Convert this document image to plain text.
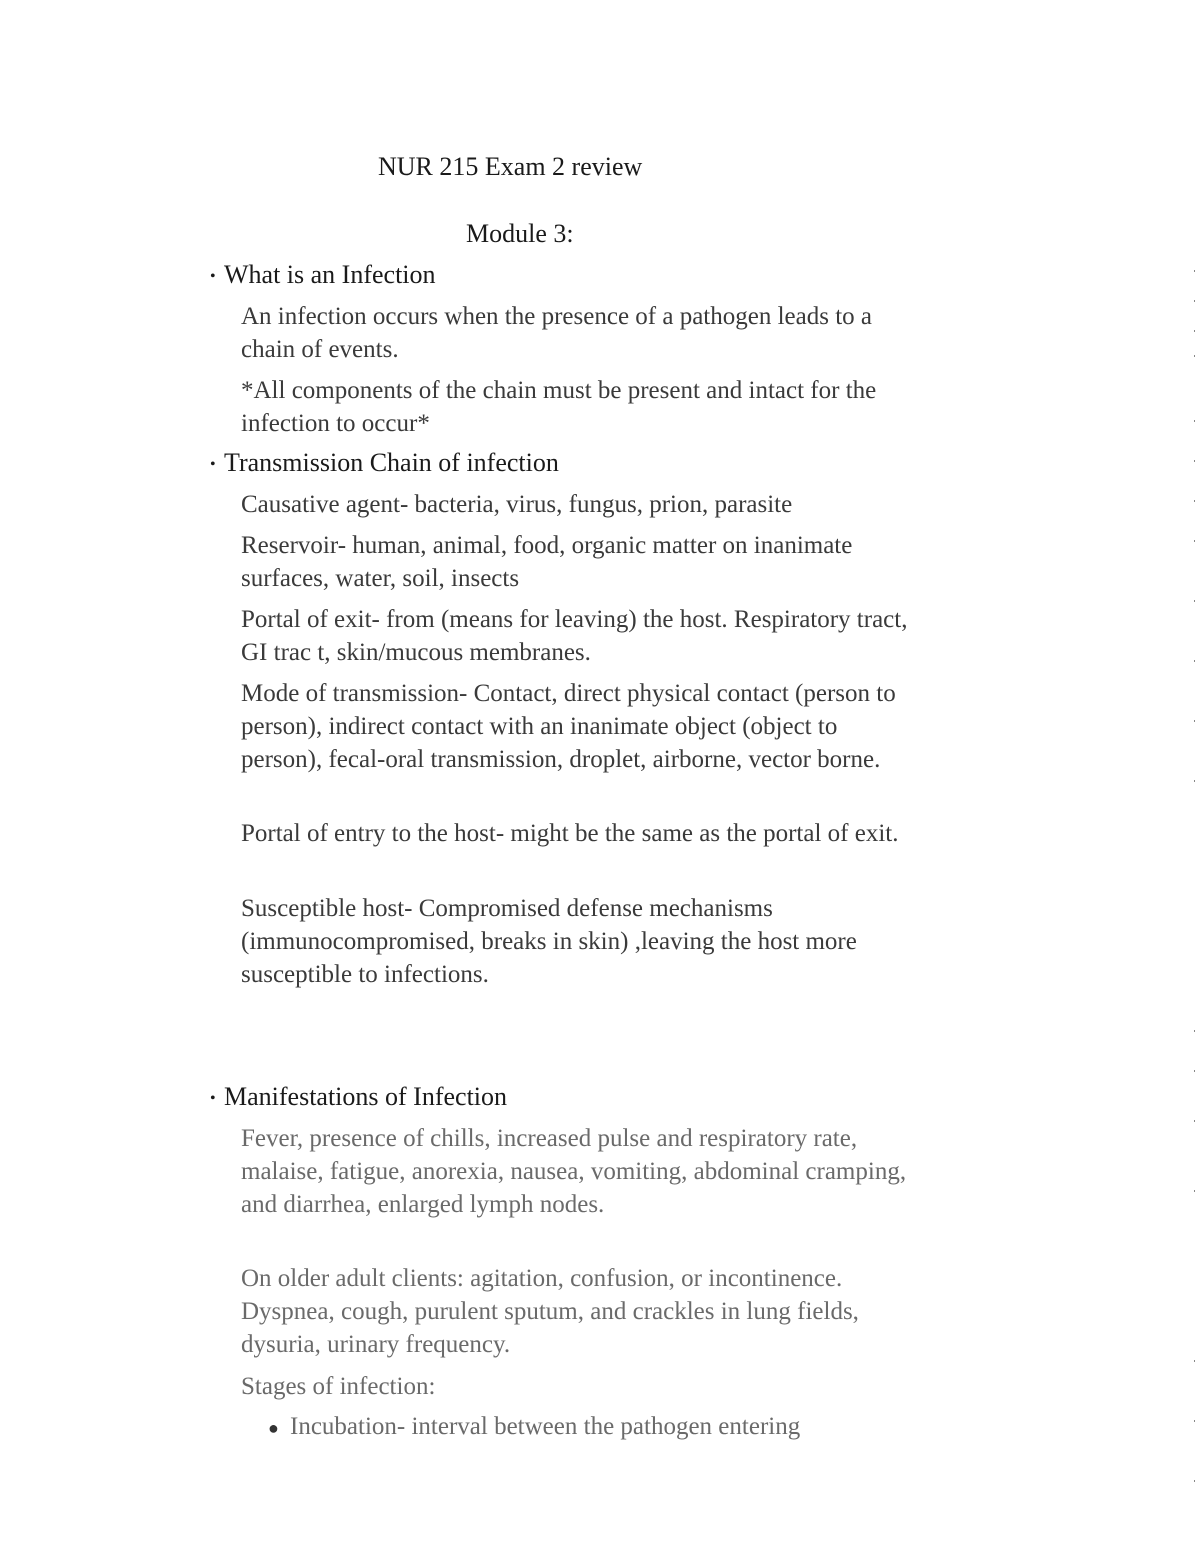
NUR 215 Exam 2 review
Module 3:
• What is an Infection
An infection occurs when the presence of a pathogen leads to a chain of events.
*All components of the chain must be present and intact for the infection to occur*
• Transmission Chain of infection
Causative agent- bacteria, virus, fungus, prion, parasite
Reservoir- human, animal, food, organic matter on inanimate surfaces, water, soil, insects
Portal of exit- from (means for leaving) the host. Respiratory tract, GI trac t, skin/mucous membranes.
Mode of transmission- Contact, direct physical contact (person to person), indirect contact with an inanimate object (object to person), fecal-oral transmission, droplet, airborne, vector borne.
Portal of entry to the host- might be the same as the portal of exit.
Susceptible host- Compromised defense mechanisms (immunocompromised, breaks in skin) ,leaving the host more susceptible to infections.
• Manifestations of Infection
Fever, presence of chills, increased pulse and respiratory rate, malaise, fatigue, anorexia, nausea, vomiting, abdominal cramping, and diarrhea, enlarged lymph nodes.
On older adult clients: agitation, confusion, or incontinence. Dyspnea, cough, purulent sputum, and crackles in lung fields, dysuria, urinary frequency.
Stages of infection:
● Incubation- interval between the pathogen entering
